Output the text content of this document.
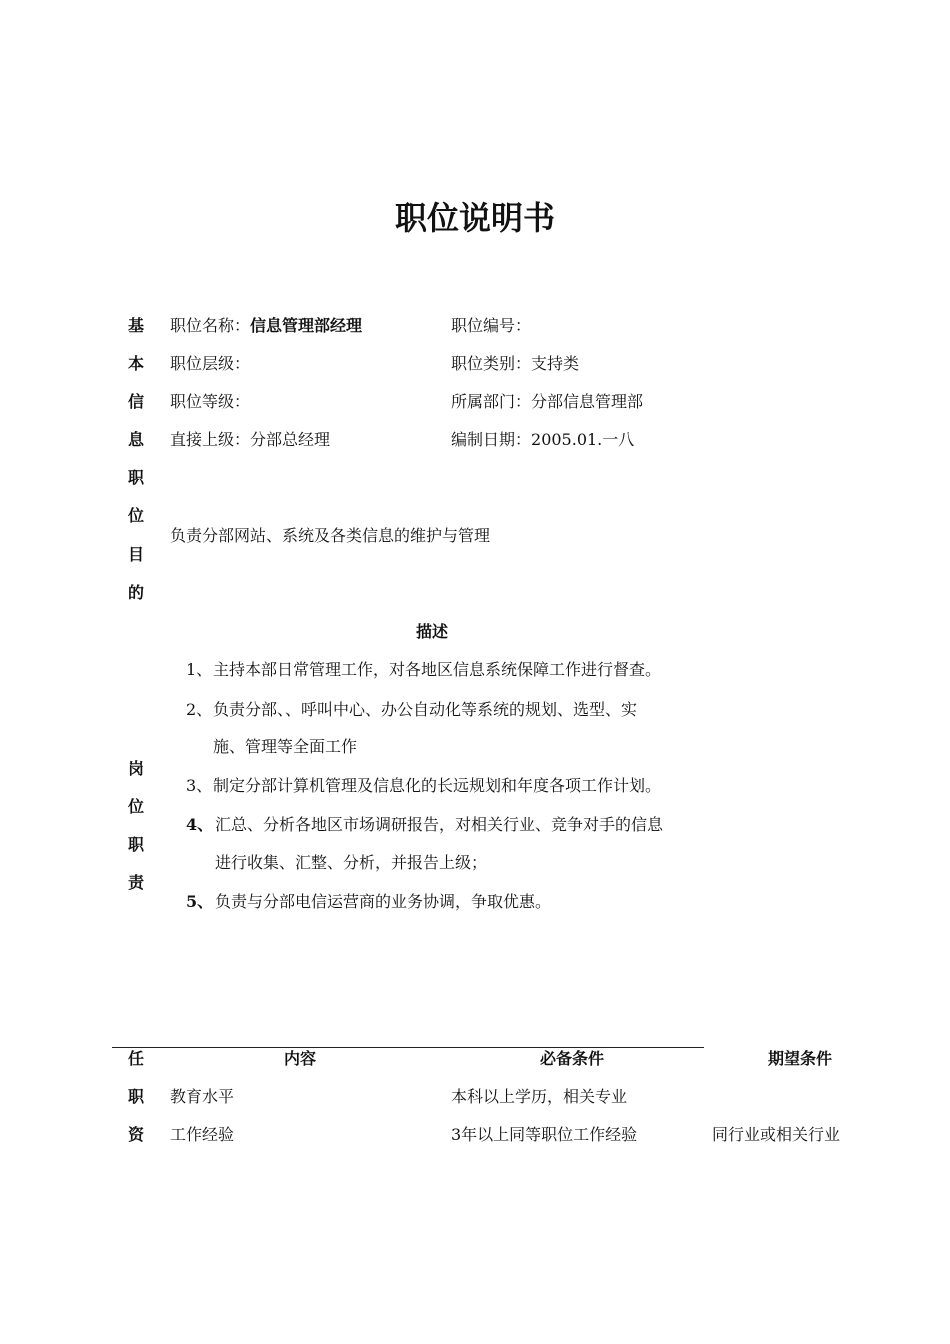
职位说明书
基
本
信
息
职
位
目
的
岗
位
职
责
任
职
资
职位名称：信息管理部经理	职位编号：
职位层级：	职位类别：支持类
职位等级：	所属部门：分部信息管理部
直接上级：分部总经理	编制日期：2005.01.一八
负责分部网站、系统及各类信息的维护与管理
描述
1、 主持本部日常管理工作，对各地区信息系统保障工作进行督查。
2、 负责分部、、呼叫中心、办公自动化等系统的规划、选型、实
施、管理等全面工作
3、 制定分部计算机管理及信息化的长远规划和年度各项工作计划。
4、 汇总、分析各地区市场调研报告，对相关行业、竞争对手的信息
进行收集、汇整、分析，并报告上级；
5、 负责与分部电信运营商的业务协调，争取优惠。
内容	必备条件	期望条件
教育水平	本科以上学历，相关专业
工作经验	3年以上同等职位工作经验	同行业或相关行业
